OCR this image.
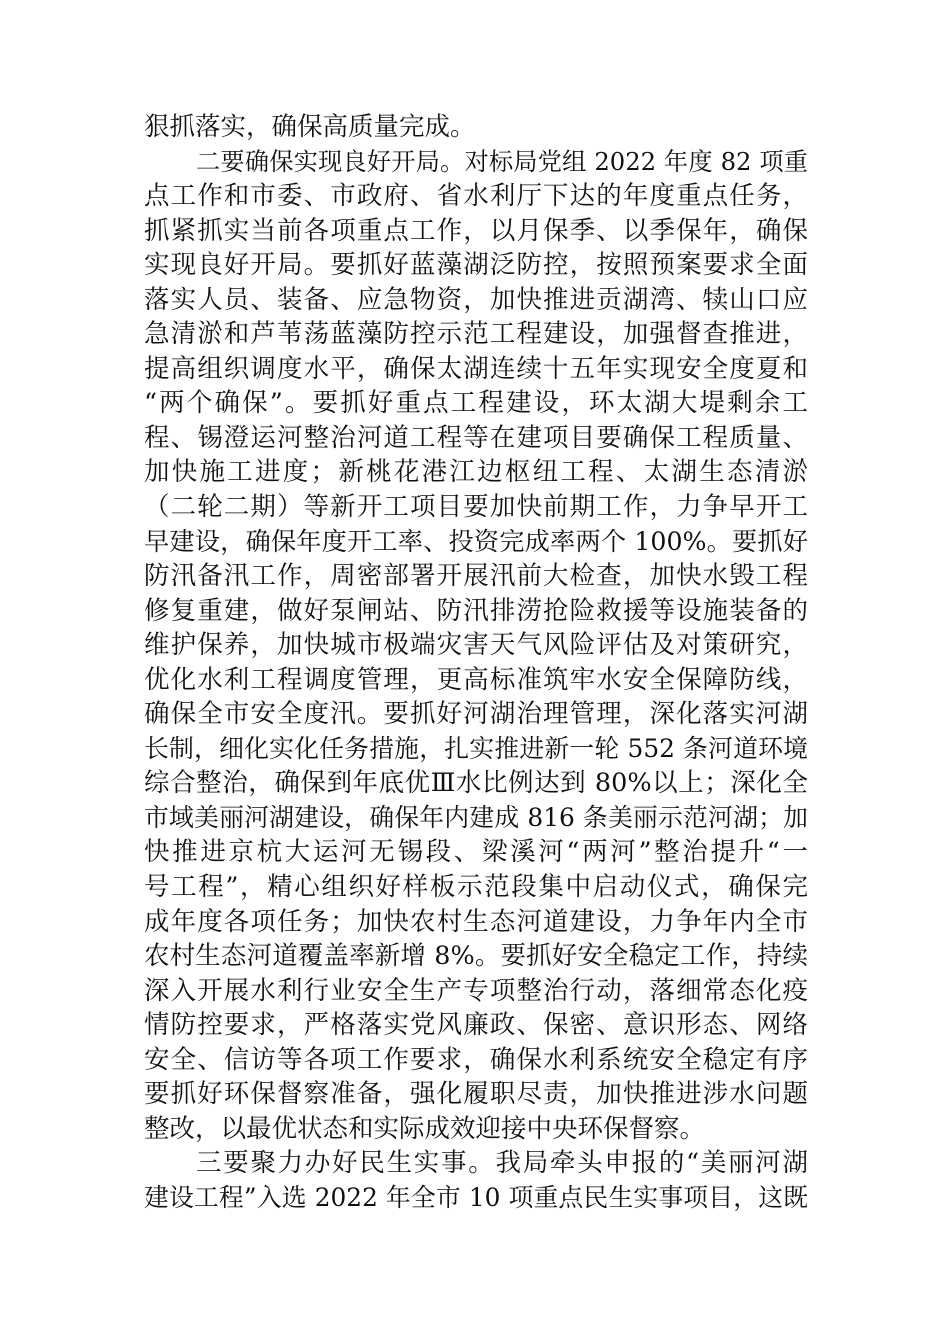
狠抓落实，确保高质量完成。
二要确保实现良好开局。对标局党组 2022 年度 82 项重
点工作和市委、市政府、省水利厅下达的年度重点任务，
抓紧抓实当前各项重点工作，以月保季、以季保年，确保
实现良好开局。要抓好蓝藻湖泛防控，按照预案要求全面
落实人员、装备、应急物资，加快推进贡湖湾、犊山口应
急清淤和芦苇荡蓝藻防控示范工程建设，加强督查推进，
提高组织调度水平，确保太湖连续十五年实现安全度夏和
“两个确保”。要抓好重点工程建设，环太湖大堤剩余工
程、锡澄运河整治河道工程等在建项目要确保工程质量、
加快施工进度；新桃花港江边枢纽工程、太湖生态清淤
（二轮二期）等新开工项目要加快前期工作，力争早开工
早建设，确保年度开工率、投资完成率两个 100%。要抓好
防汛备汛工作，周密部署开展汛前大检查，加快水毁工程
修复重建，做好泵闸站、防汛排涝抢险救援等设施装备的
维护保养，加快城市极端灾害天气风险评估及对策研究，
优化水利工程调度管理，更高标准筑牢水安全保障防线，
确保全市安全度汛。要抓好河湖治理管理，深化落实河湖
长制，细化实化任务措施，扎实推进新一轮 552 条河道环境
综合整治，确保到年底优Ⅲ水比例达到 80%以上；深化全
市域美丽河湖建设，确保年内建成 816 条美丽示范河湖；加
快推进京杭大运河无锡段、梁溪河“两河”整治提升“一
号工程”，精心组织好样板示范段集中启动仪式，确保完
成年度各项任务；加快农村生态河道建设，力争年内全市
农村生态河道覆盖率新增 8%。要抓好安全稳定工作，持续
深入开展水利行业安全生产专项整治行动，落细常态化疫
情防控要求，严格落实党风廉政、保密、意识形态、网络
安全、信访等各项工作要求，确保水利系统安全稳定有序
要抓好环保督察准备，强化履职尽责，加快推进涉水问题
整改，以最优状态和实际成效迎接中央环保督察。
三要聚力办好民生实事。我局牵头申报的“美丽河湖
建设工程”入选 2022 年全市 10 项重点民生实事项目，这既
